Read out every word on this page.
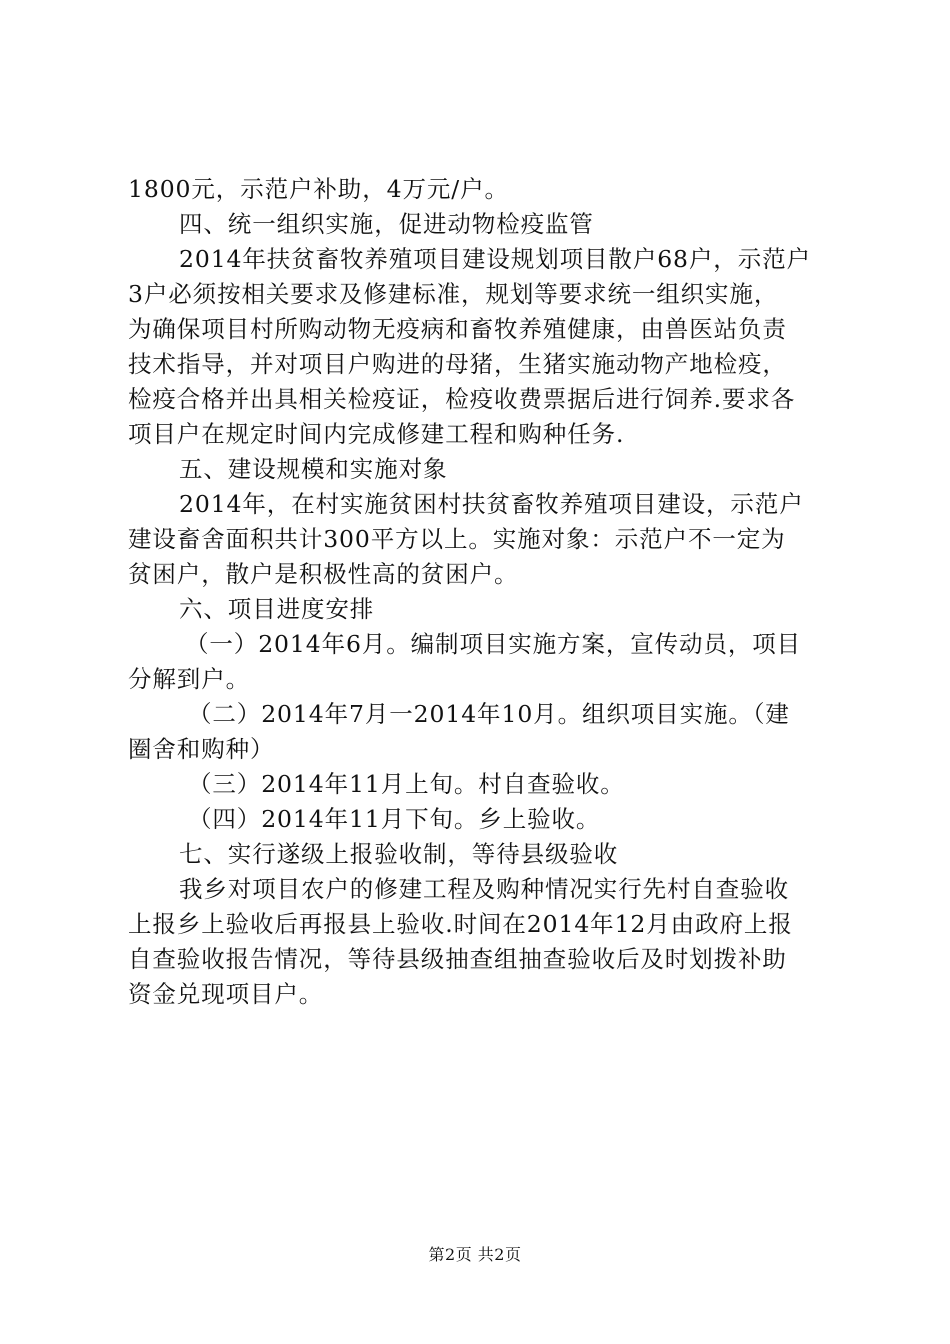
1800元，示范户补助，4万元/户。
四、统一组织实施，促进动物检疫监管
2014年扶贫畜牧养殖项目建设规划项目散户68户，示范户
3户必须按相关要求及修建标准，规划等要求统一组织实施，
为确保项目村所购动物无疫病和畜牧养殖健康，由兽医站负责
技术指导，并对项目户购进的母猪，生猪实施动物产地检疫，
检疫合格并出具相关检疫证，检疫收费票据后进行饲养.要求各
项目户在规定时间内完成修建工程和购种任务.
五、建设规模和实施对象
2014年，在村实施贫困村扶贫畜牧养殖项目建设，示范户
建设畜舍面积共计300平方以上。实施对象：示范户不一定为
贫困户，散户是积极性高的贫困户。
六、项目进度安排
（一）2014年6月。编制项目实施方案，宣传动员，项目
分解到户。
（二）2014年7月一2014年10月。组织项目实施。（建
圈舍和购种）
（三）2014年11月上旬。村自查验收。
（四）2014年11月下旬。乡上验收。
七、实行遂级上报验收制，等待县级验收
我乡对项目农户的修建工程及购种情况实行先村自查验收
上报乡上验收后再报县上验收.时间在2014年12月由政府上报
自查验收报告情况，等待县级抽查组抽查验收后及时划拨补助
资金兑现项目户。
第2页 共2页
